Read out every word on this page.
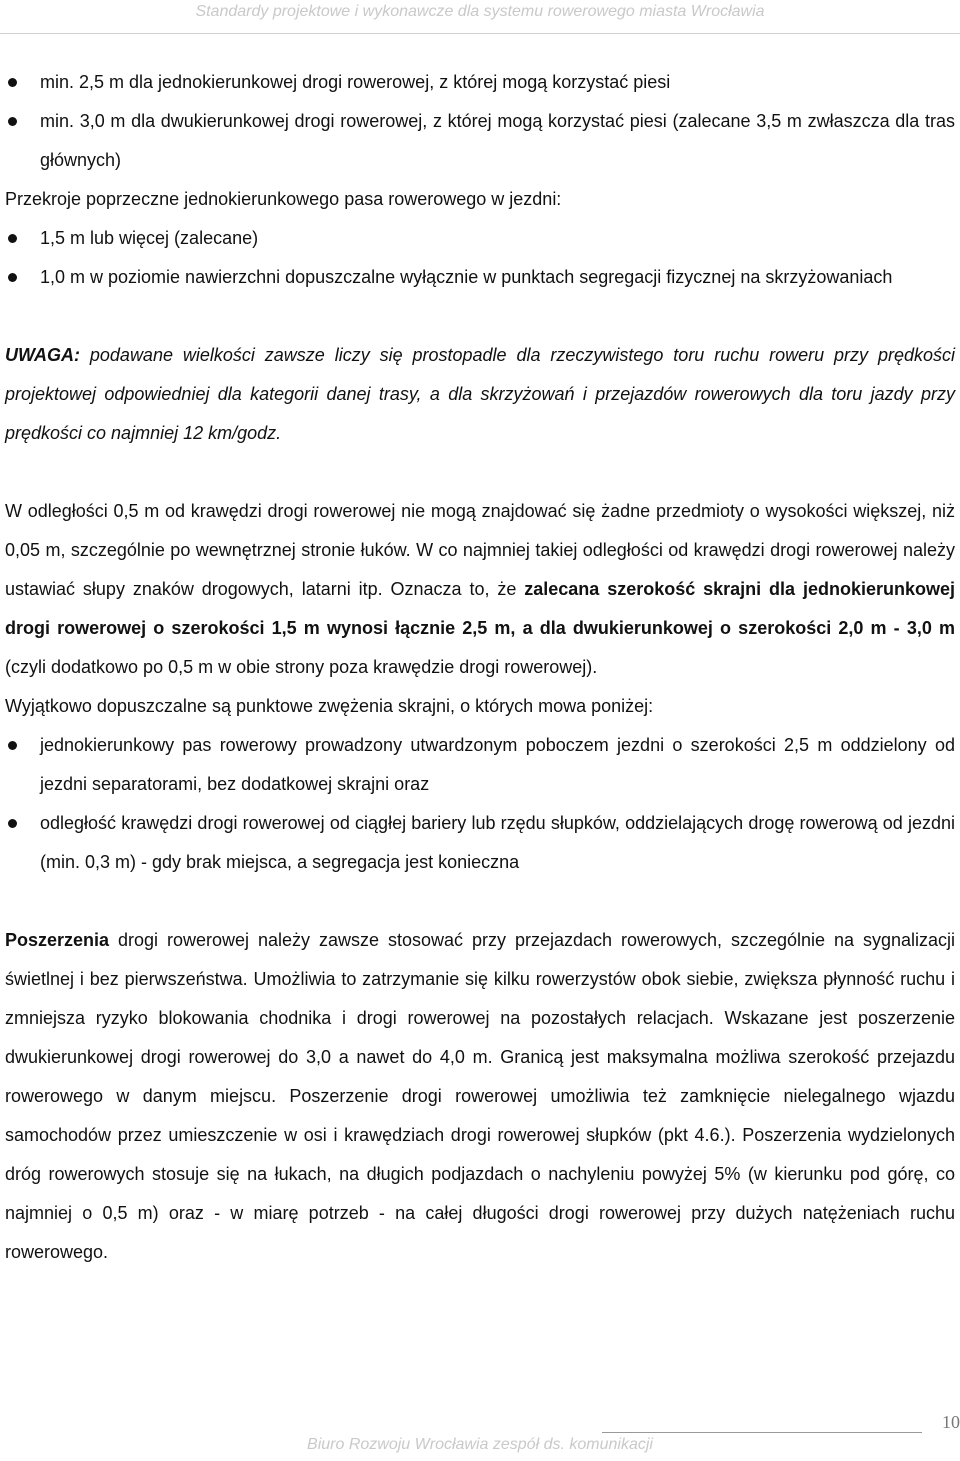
Standardy projektowe i wykonawcze dla systemu rowerowego miasta Wrocławia
min. 2,5 m dla jednokierunkowej drogi rowerowej, z której mogą korzystać piesi
min. 3,0 m dla dwukierunkowej drogi rowerowej, z której mogą korzystać piesi (zalecane 3,5 m zwłaszcza dla tras głównych)

Przekroje poprzeczne jednokierunkowego pasa rowerowego w jezdni:

1,5 m lub więcej (zalecane)
1,0 m w poziomie nawierzchni dopuszczalne wyłącznie w punktach segregacji fizycznej na skrzyżowaniach

UWAGA: podawane wielkości zawsze liczy się prostopadle dla rzeczywistego toru ruchu roweru przy prędkości projektowej odpowiedniej dla kategorii danej trasy, a dla skrzyżowań i przejazdów rowerowych dla toru jazdy przy prędkości co najmniej 12 km/godz.

W odległości 0,5 m od krawędzi drogi rowerowej nie mogą znajdować się żadne przedmioty o wysokości większej, niż 0,05 m, szczególnie po wewnętrznej stronie łuków. W co najmniej takiej odległości od krawędzi drogi rowerowej należy ustawiać słupy znaków drogowych, latarni itp. Oznacza to, że zalecana szerokość skrajni dla jednokierunkowej drogi rowerowej o szerokości 1,5 m wynosi łącznie 2,5 m, a dla dwukierunkowej o szerokości 2,0 m - 3,0 m (czyli dodatkowo po 0,5 m w obie strony poza krawędzie drogi rowerowej).

Wyjątkowo dopuszczalne są punktowe zwężenia skrajni, o których mowa poniżej:

jednokierunkowy pas rowerowy prowadzony utwardzonym poboczem jezdni o szerokości 2,5 m oddzielony od jezdni separatorami, bez dodatkowej skrajni oraz
odległość krawędzi drogi rowerowej od ciągłej bariery lub rzędu słupków, oddzielających drogę rowerową od jezdni (min. 0,3 m) - gdy brak miejsca, a segregacja jest konieczna

Poszerzenia drogi rowerowej należy zawsze stosować przy przejazdach rowerowych, szczególnie na sygnalizacji świetlnej i bez pierwszeństwa. Umożliwia to zatrzymanie się kilku rowerzystów obok siebie, zwiększa płynność ruchu i zmniejsza ryzyko blokowania chodnika i drogi rowerowej na pozostałych relacjach. Wskazane jest poszerzenie dwukierunkowej drogi rowerowej do 3,0 a nawet do 4,0 m. Granicą jest maksymalna możliwa szerokość przejazdu rowerowego w danym miejscu. Poszerzenie drogi rowerowej umożliwia też zamknięcie nielegalnego wjazdu samochodów przez umieszczenie w osi i krawędziach drogi rowerowej słupków (pkt 4.6.). Poszerzenia wydzielonych dróg rowerowych stosuje się na łukach, na długich podjazdach o nachyleniu powyżej 5% (w kierunku pod górę, co najmniej o 0,5 m) oraz - w miarę potrzeb - na całej długości drogi rowerowej przy dużych natężeniach ruchu rowerowego.

10
Biuro Rozwoju Wrocławia zespół ds. komunikacji
